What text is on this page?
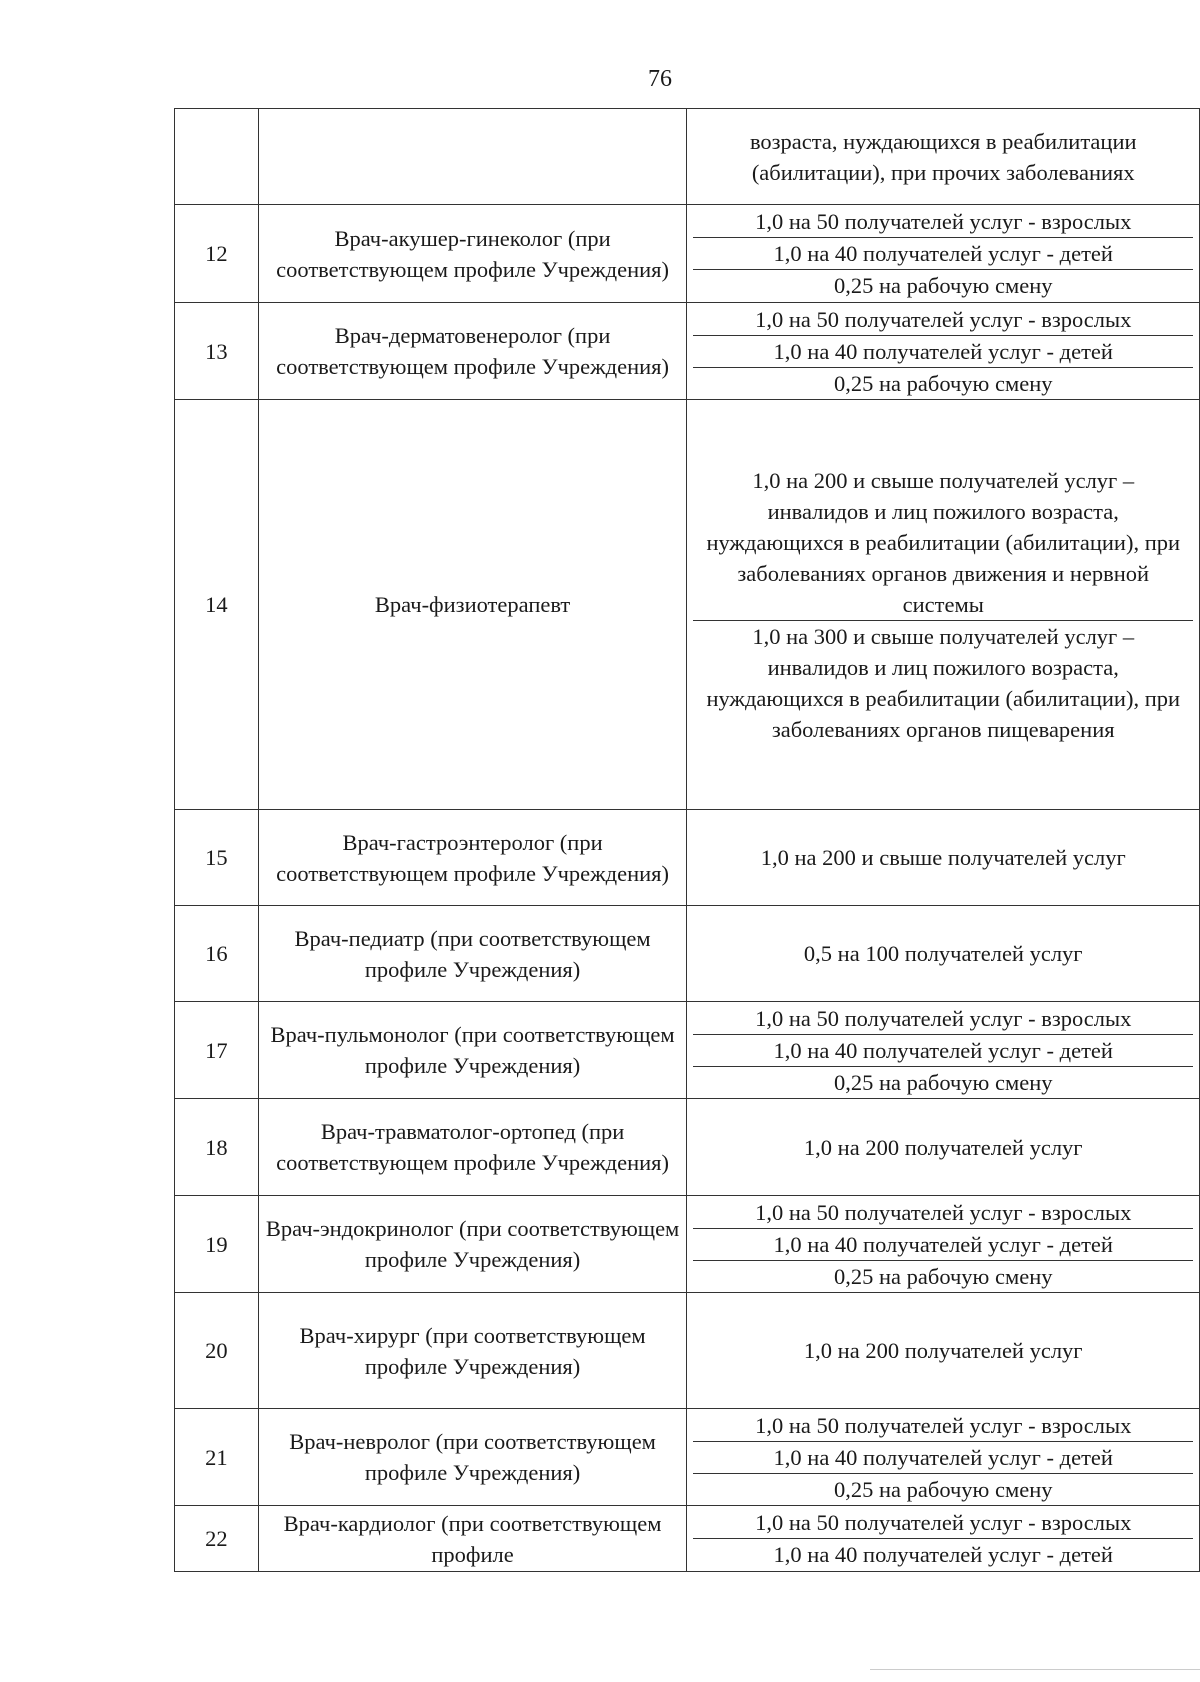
76

возраста, нуждающихся в реабилитации (абилитации), при прочих заболеваниях

12	Врач-акушер-гинеколог (при соответствующем профиле Учреждения)	1,0 на 50 получателей услуг - взрослых
1,0 на 40 получателей услуг - детей
0,25 на рабочую смену

13	Врач-дерматовенеролог (при соответствующем профиле Учреждения)	1,0 на 50 получателей услуг - взрослых
1,0 на 40 получателей услуг - детей
0,25 на рабочую смену

14	Врач-физиотерапевт	1,0 на 200 и свыше получателей услуг – инвалидов и лиц пожилого возраста, нуждающихся в реабилитации (абилитации), при заболеваниях органов движения и нервной системы
1,0 на 300 и свыше получателей услуг – инвалидов и лиц пожилого возраста, нуждающихся в реабилитации (абилитации), при заболеваниях органов пищеварения

15	Врач-гастроэнтеролог (при соответствующем профиле Учреждения)	1,0 на 200 и свыше получателей услуг

16	Врач-педиатр (при соответствующем профиле Учреждения)	0,5 на 100 получателей услуг

17	Врач-пульмонолог (при соответствующем профиле Учреждения)	1,0 на 50 получателей услуг - взрослых
1,0 на 40 получателей услуг - детей
0,25 на рабочую смену

18	Врач-травматолог-ортопед (при соответствующем профиле Учреждения)	1,0 на 200 получателей услуг

19	Врач-эндокринолог (при соответствующем профиле Учреждения)	1,0 на 50 получателей услуг - взрослых
1,0 на 40 получателей услуг - детей
0,25 на рабочую смену

20	Врач-хирург (при соответствующем профиле Учреждения)	1,0 на 200 получателей услуг

21	Врач-невролог (при соответствующем профиле Учреждения)	1,0 на 50 получателей услуг - взрослых
1,0 на 40 получателей услуг - детей
0,25 на рабочую смену

22	Врач-кардиолог (при соответствующем профиле	1,0 на 50 получателей услуг - взрослых
1,0 на 40 получателей услуг - детей
